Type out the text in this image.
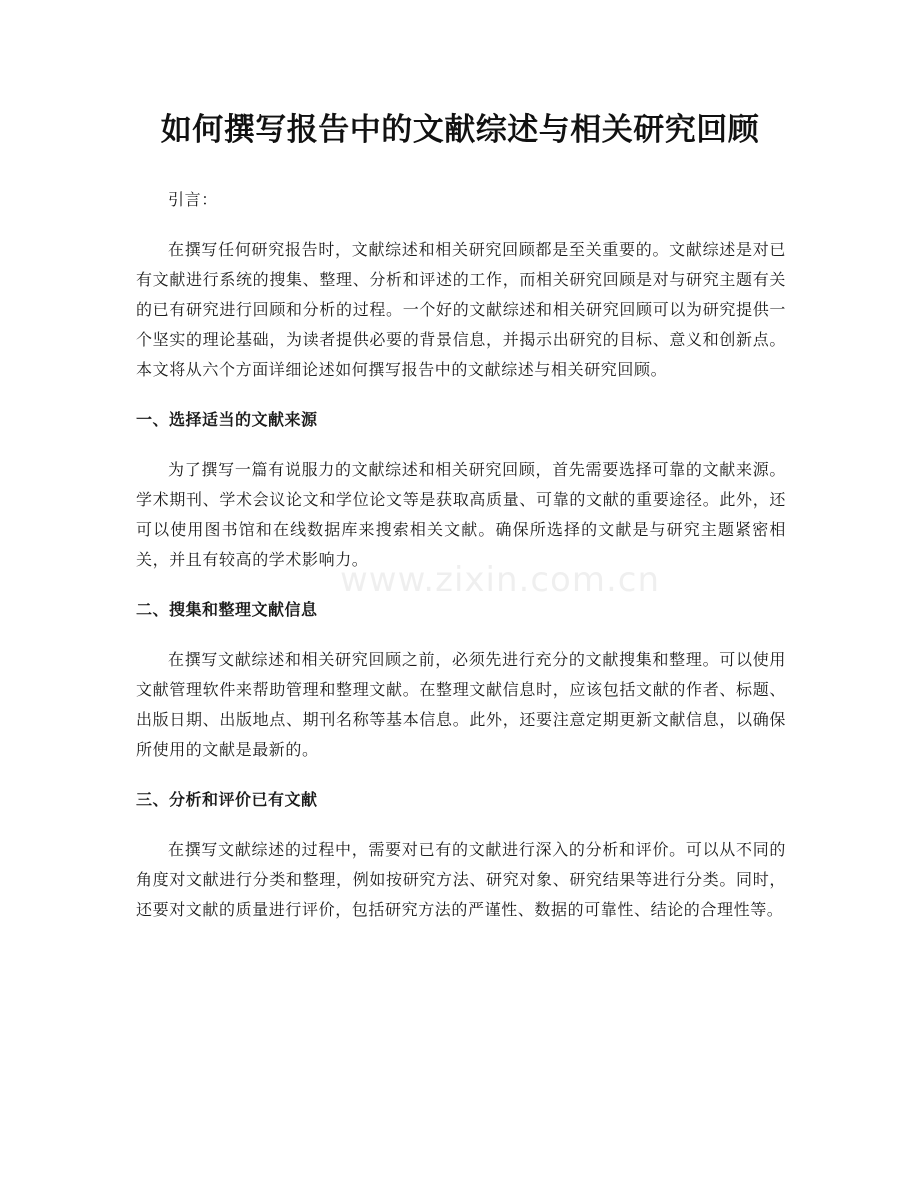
如何撰写报告中的文献综述与相关研究回顾

引言：

在撰写任何研究报告时，文献综述和相关研究回顾都是至关重要的。文献综述是对已有文献进行系统的搜集、整理、分析和评述的工作，而相关研究回顾是对与研究主题有关的已有研究进行回顾和分析的过程。一个好的文献综述和相关研究回顾可以为研究提供一个坚实的理论基础，为读者提供必要的背景信息，并揭示出研究的目标、意义和创新点。本文将从六个方面详细论述如何撰写报告中的文献综述与相关研究回顾。

一、选择适当的文献来源

为了撰写一篇有说服力的文献综述和相关研究回顾，首先需要选择可靠的文献来源。学术期刊、学术会议论文和学位论文等是获取高质量、可靠的文献的重要途径。此外，还可以使用图书馆和在线数据库来搜索相关文献。确保所选择的文献是与研究主题紧密相关，并且有较高的学术影响力。

二、搜集和整理文献信息

在撰写文献综述和相关研究回顾之前，必须先进行充分的文献搜集和整理。可以使用文献管理软件来帮助管理和整理文献。在整理文献信息时，应该包括文献的作者、标题、出版日期、出版地点、期刊名称等基本信息。此外，还要注意定期更新文献信息，以确保所使用的文献是最新的。

三、分析和评价已有文献

在撰写文献综述的过程中，需要对已有的文献进行深入的分析和评价。可以从不同的角度对文献进行分类和整理，例如按研究方法、研究对象、研究结果等进行分类。同时，还要对文献的质量进行评价，包括研究方法的严谨性、数据的可靠性、结论的合理性等。

www.zixin.com.cn
